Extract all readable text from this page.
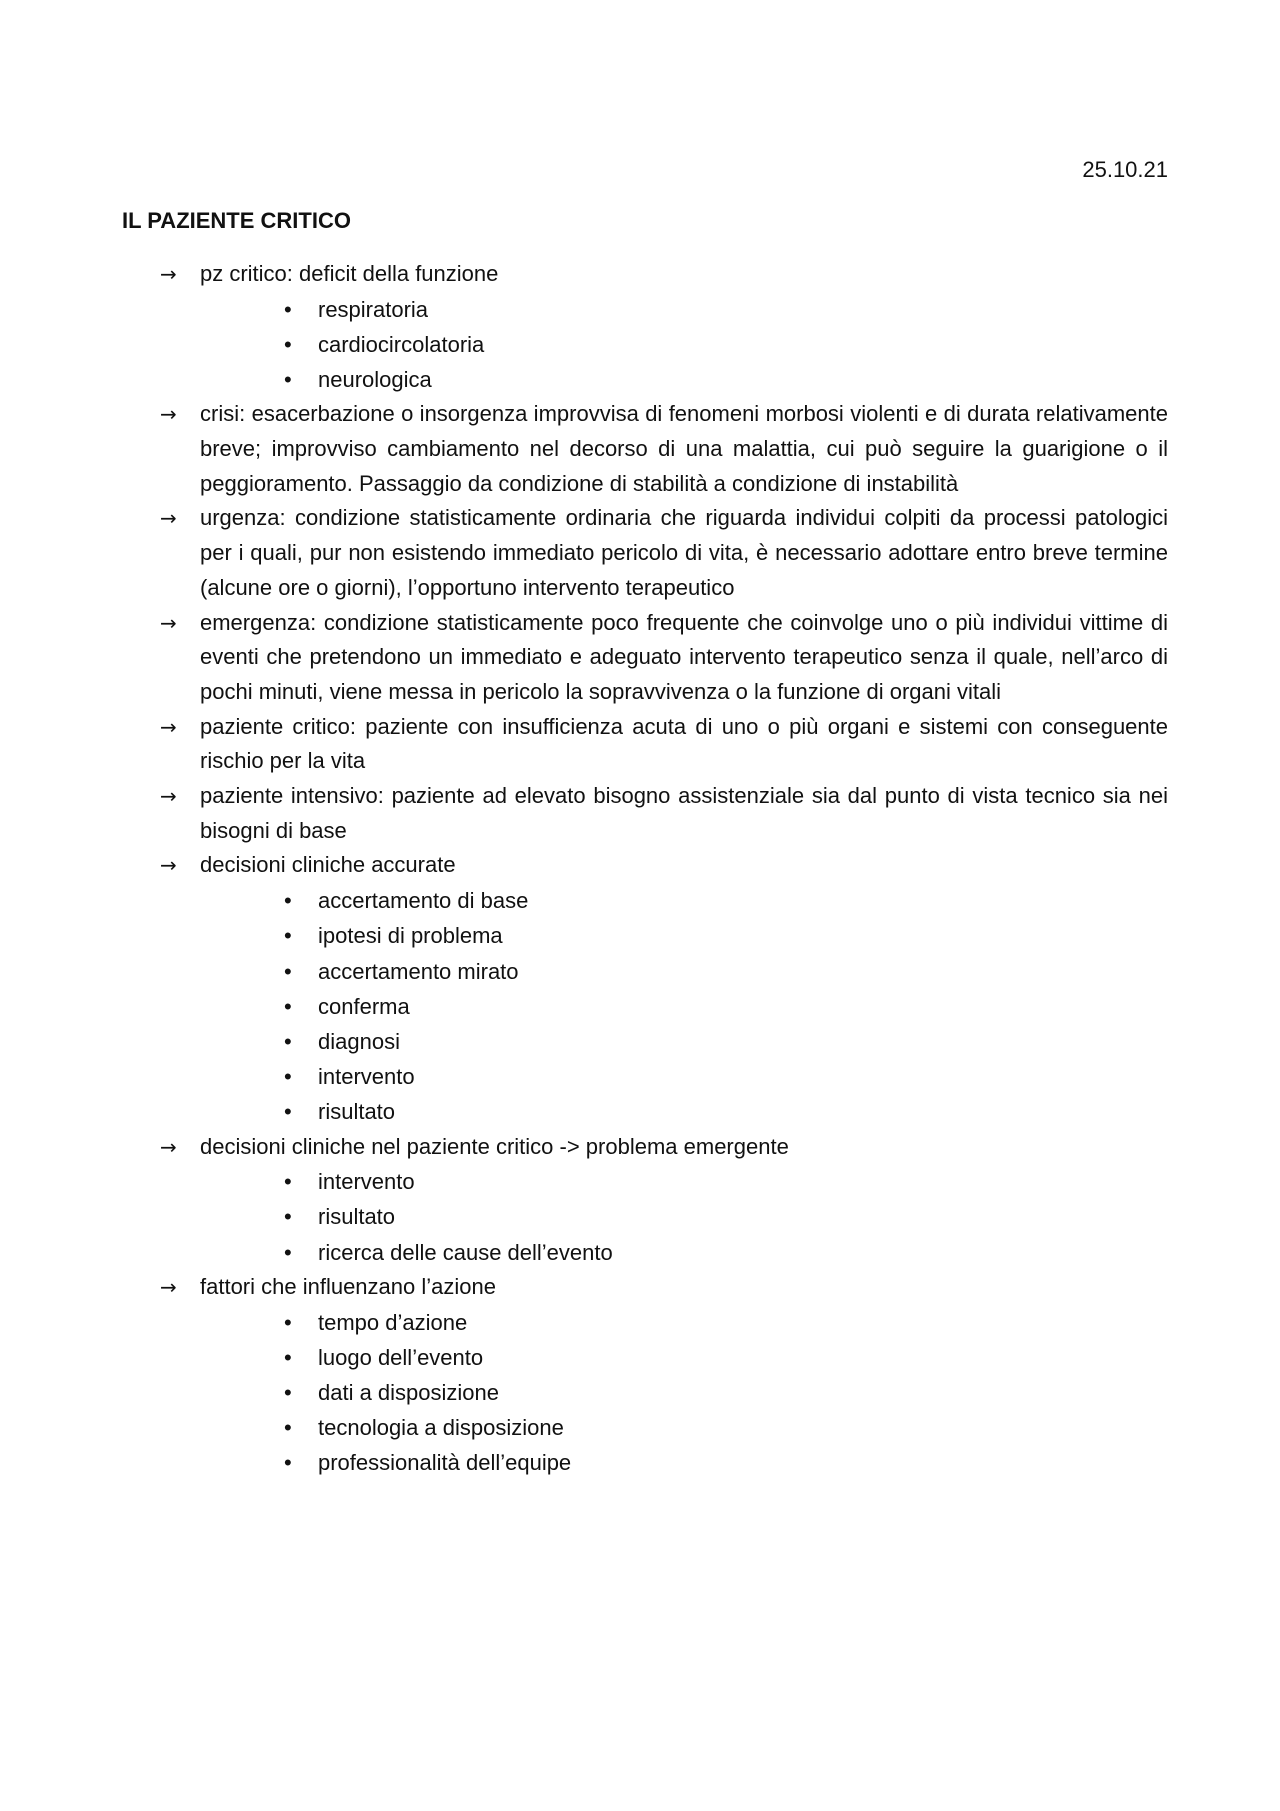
25.10.21
IL PAZIENTE CRITICO
→ pz critico: deficit della funzione
• respiratoria
• cardiocircolatoria
• neurologica
→ crisi: esacerbazione o insorgenza improvvisa di fenomeni morbosi violenti e di durata relativamente breve; improvviso cambiamento nel decorso di una malattia, cui può seguire la guarigione o il peggioramento. Passaggio da condizione di stabilità a condizione di instabilità
→ urgenza: condizione statisticamente ordinaria che riguarda individui colpiti da processi patologici per i quali, pur non esistendo immediato pericolo di vita, è necessario adottare entro breve termine (alcune ore o giorni), l’opportuno intervento terapeutico
→ emergenza: condizione statisticamente poco frequente che coinvolge uno o più individui vittime di eventi che pretendono un immediato e adeguato intervento terapeutico senza il quale, nell’arco di pochi minuti, viene messa in pericolo la sopravvivenza o la funzione di organi vitali
→ paziente critico: paziente con insufficienza acuta di uno o più organi e sistemi con conseguente rischio per la vita
→ paziente intensivo: paziente ad elevato bisogno assistenziale sia dal punto di vista tecnico sia nei bisogni di base
→ decisioni cliniche accurate
• accertamento di base
• ipotesi di problema
• accertamento mirato
• conferma
• diagnosi
• intervento
• risultato
→ decisioni cliniche nel paziente critico -> problema emergente
• intervento
• risultato
• ricerca delle cause dell’evento
→ fattori che influenzano l’azione
• tempo d’azione
• luogo dell’evento
• dati a disposizione
• tecnologia a disposizione
• professionalità dell’equipe
